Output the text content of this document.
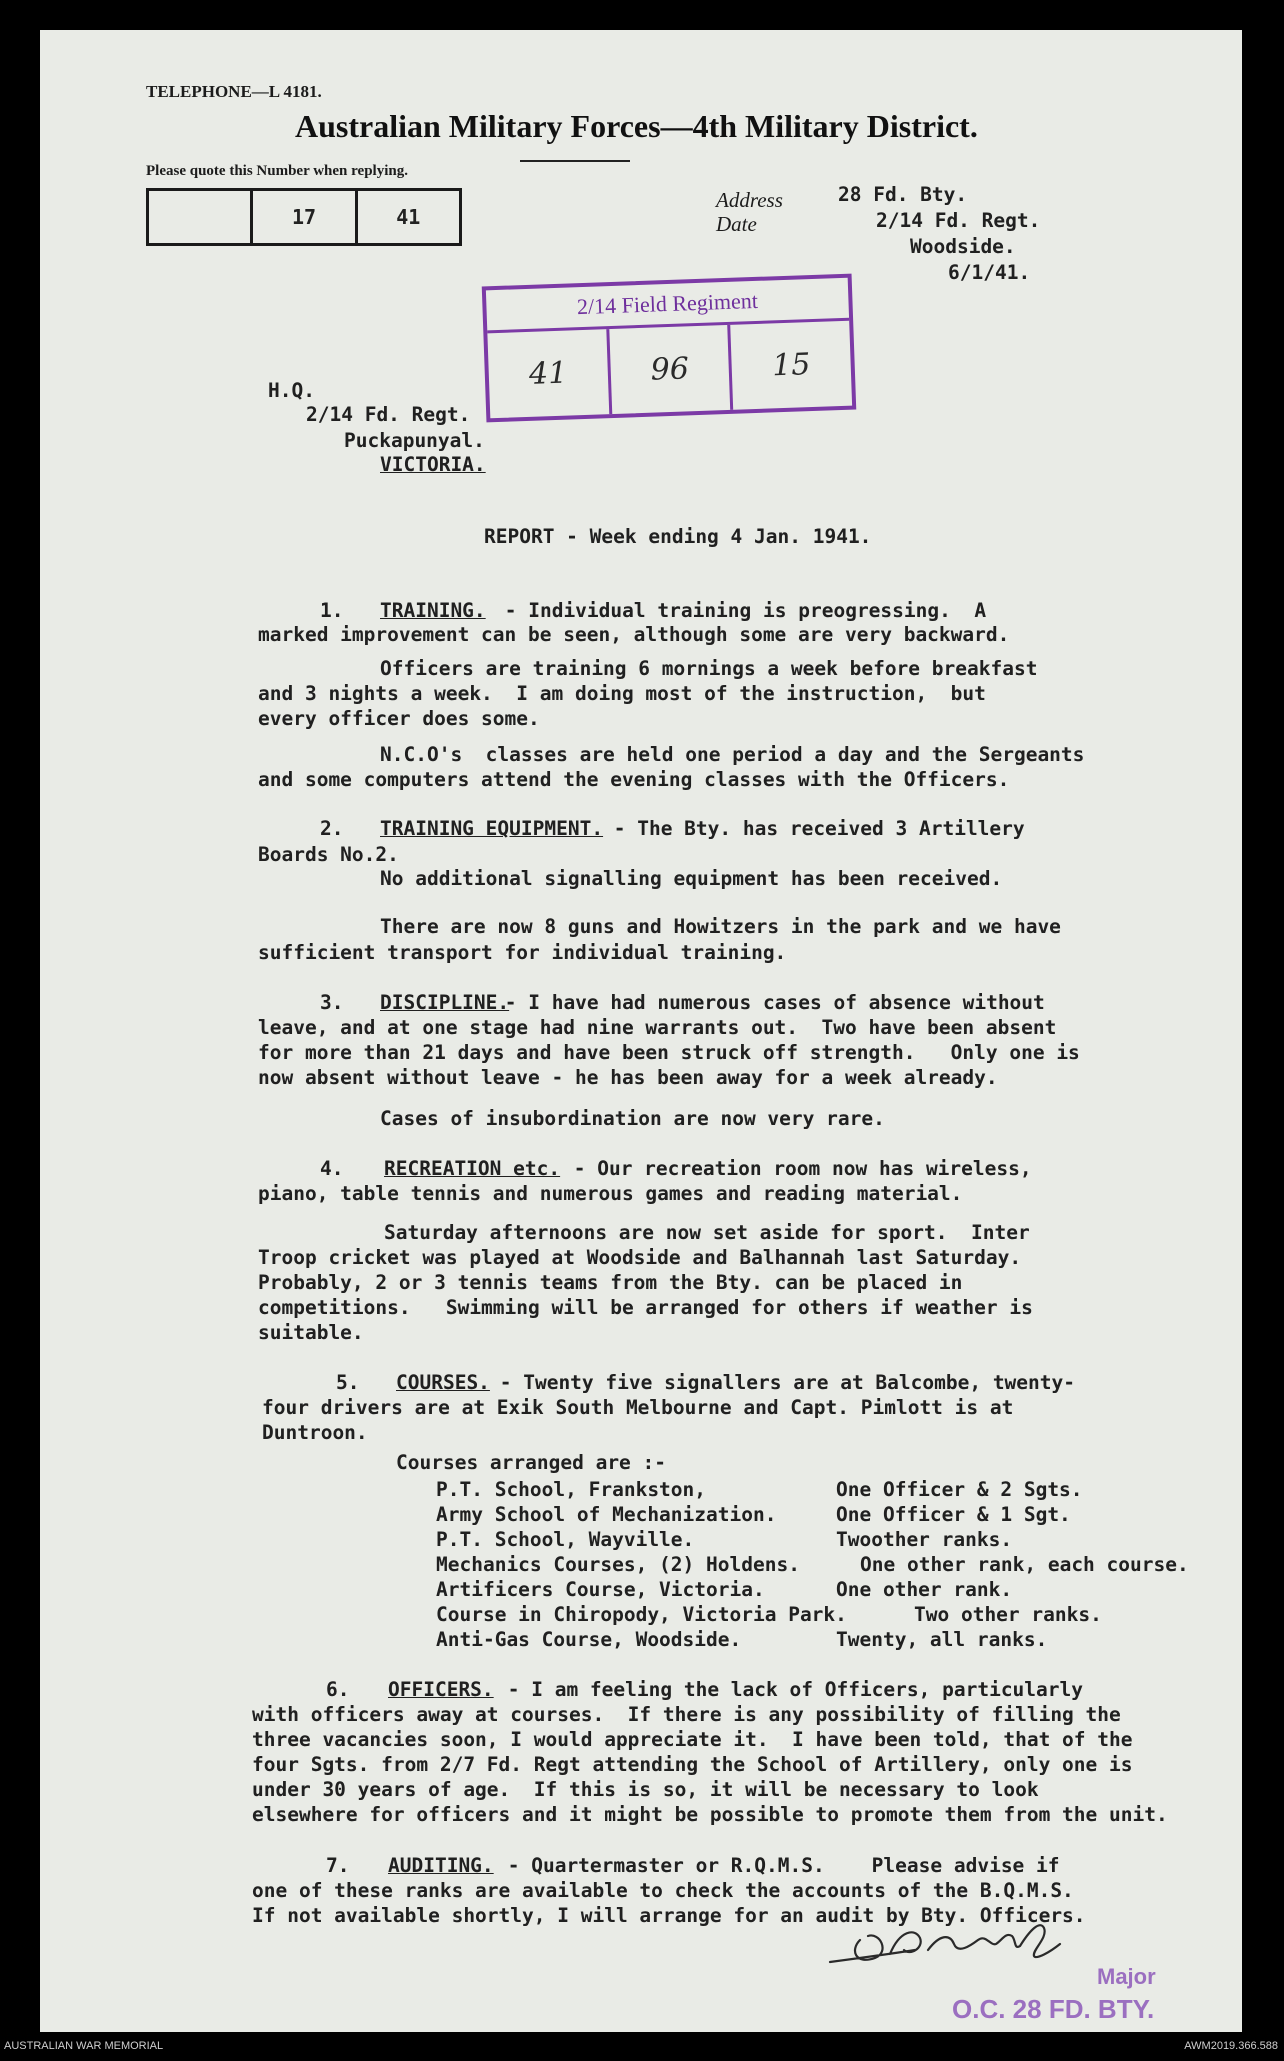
TELEPHONE—L 4181.
Australian Military Forces—4th Military District.
Please quote this Number when replying.
17	41
Address
Date
28 Fd. Bty.
2/14 Fd. Regt.
Woodside.
6/1/41.
2/14 Field Regiment
41	96	15
H.Q.
2/14 Fd. Regt.
Puckapunyal.
VICTORIA.
REPORT - Week ending 4 Jan. 1941.
1. TRAINING. - Individual training is preogressing.  A
marked improvement can be seen, although some are very backward.
Officers are training 6 mornings a week before breakfast
and 3 nights a week.  I am doing most of the instruction,  but
every officer does some.
N.C.O's  classes are held one period a day and the Sergeants
and some computers attend the evening classes with the Officers.
2. TRAINING EQUIPMENT.
- The Bty. has received 3 Artillery
Boards No.2.
No additional signalling equipment has been received.
There are now 8 guns and Howitzers in the park and we have
sufficient transport for individual training.
3. DISCIPLINE.
- I have had numerous cases of absence without
leave, and at one stage had nine warrants out.  Two have been absent
for more than 21 days and have been struck off strength.   Only one is
now absent without leave - he has been away for a week already.
Cases of insubordination are now very rare.
4. RECREATION etc. - Our recreation room now has wireless,
piano, table tennis and numerous games and reading material.
Saturday afternoons are now set aside for sport.  Inter
Troop cricket was played at Woodside and Balhannah last Saturday.
Probably, 2 or 3 tennis teams from the Bty. can be placed in
competitions.   Swimming will be arranged for others if weather is
suitable.
5. COURSES.
- Twenty five signallers are at Balcombe, twenty-
four drivers are at Exik South Melbourne and Capt. Pimlott is at
Duntroon.
Courses arranged are :-
P.T. School, Frankston,	One Officer & 2 Sgts.
Army School of Mechanization.	One Officer & 1 Sgt.
P.T. School, Wayville.	Twoother ranks.
Mechanics Courses, (2) Holdens.	One other rank, each course.
Artificers Course, Victoria.	One other rank.
Course in Chiropody, Victoria Park.	Two other ranks.
Anti-Gas Course, Woodside.	Twenty, all ranks.
6. OFFICERS. - I am feeling the lack of Officers, particularly
with officers away at courses.  If there is any possibility of filling the
three vacancies soon, I would appreciate it.  I have been told, that of the
four Sgts. from 2/7 Fd. Regt attending the School of Artillery, only one is
under 30 years of age.  If this is so, it will be necessary to look
elsewhere for officers and it might be possible to promote them from the unit.
7. AUDITING. - Quartermaster or R.Q.M.S.    Please advise if
one of these ranks are available to check the accounts of the B.Q.M.S.
If not available shortly, I will arrange for an audit by Bty. Officers.
Major
O.C. 28 FD. BTY.
AUSTRALIAN WAR MEMORIAL	AWM2019.366.588
